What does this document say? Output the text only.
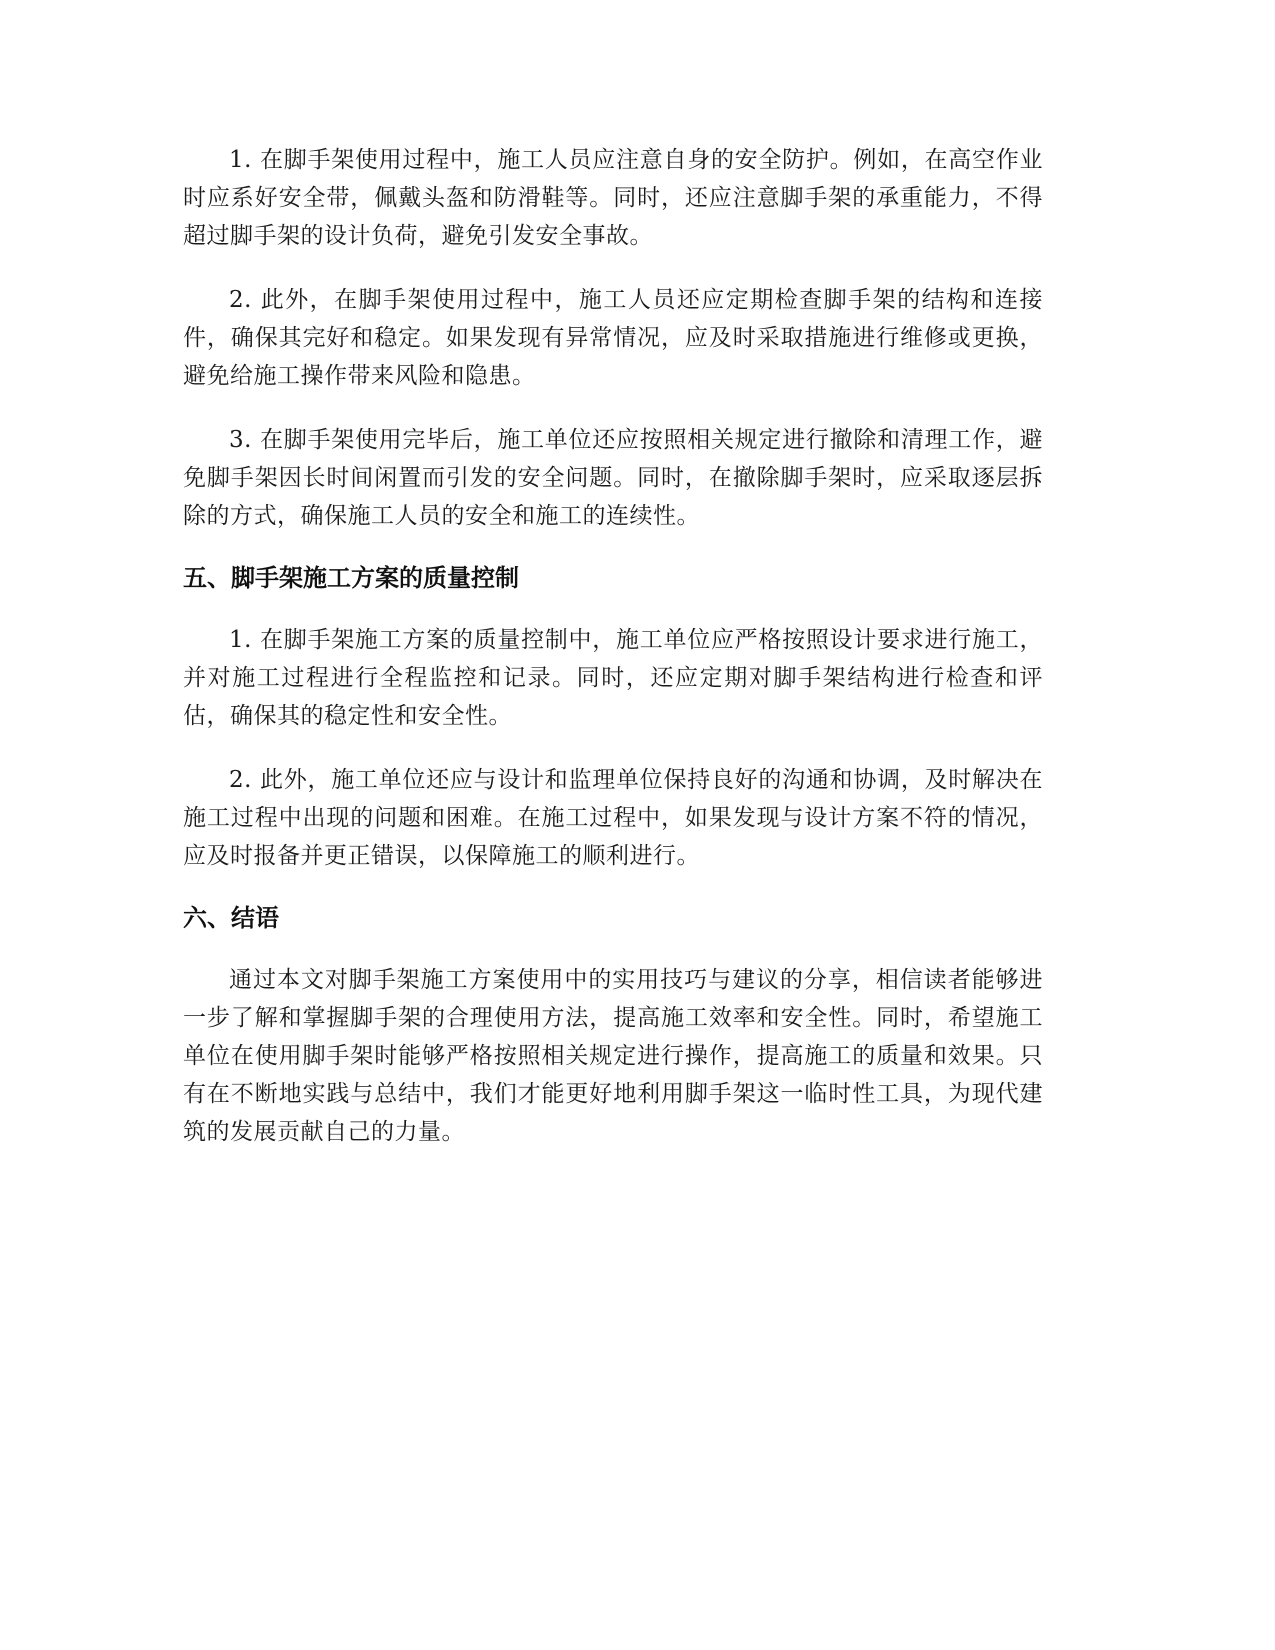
1. 在脚手架使用过程中，施工人员应注意自身的安全防护。例如，在高空作业时应系好安全带，佩戴头盔和防滑鞋等。同时，还应注意脚手架的承重能力，不得超过脚手架的设计负荷，避免引发安全事故。

2. 此外，在脚手架使用过程中，施工人员还应定期检查脚手架的结构和连接件，确保其完好和稳定。如果发现有异常情况，应及时采取措施进行维修或更换，避免给施工操作带来风险和隐患。

3. 在脚手架使用完毕后，施工单位还应按照相关规定进行撤除和清理工作，避免脚手架因长时间闲置而引发的安全问题。同时，在撤除脚手架时，应采取逐层拆除的方式，确保施工人员的安全和施工的连续性。

五、脚手架施工方案的质量控制

1. 在脚手架施工方案的质量控制中，施工单位应严格按照设计要求进行施工，并对施工过程进行全程监控和记录。同时，还应定期对脚手架结构进行检查和评估，确保其的稳定性和安全性。

2. 此外，施工单位还应与设计和监理单位保持良好的沟通和协调，及时解决在施工过程中出现的问题和困难。在施工过程中，如果发现与设计方案不符的情况，应及时报备并更正错误，以保障施工的顺利进行。

六、结语

通过本文对脚手架施工方案使用中的实用技巧与建议的分享，相信读者能够进一步了解和掌握脚手架的合理使用方法，提高施工效率和安全性。同时，希望施工单位在使用脚手架时能够严格按照相关规定进行操作，提高施工的质量和效果。只有在不断地实践与总结中，我们才能更好地利用脚手架这一临时性工具，为现代建筑的发展贡献自己的力量。
